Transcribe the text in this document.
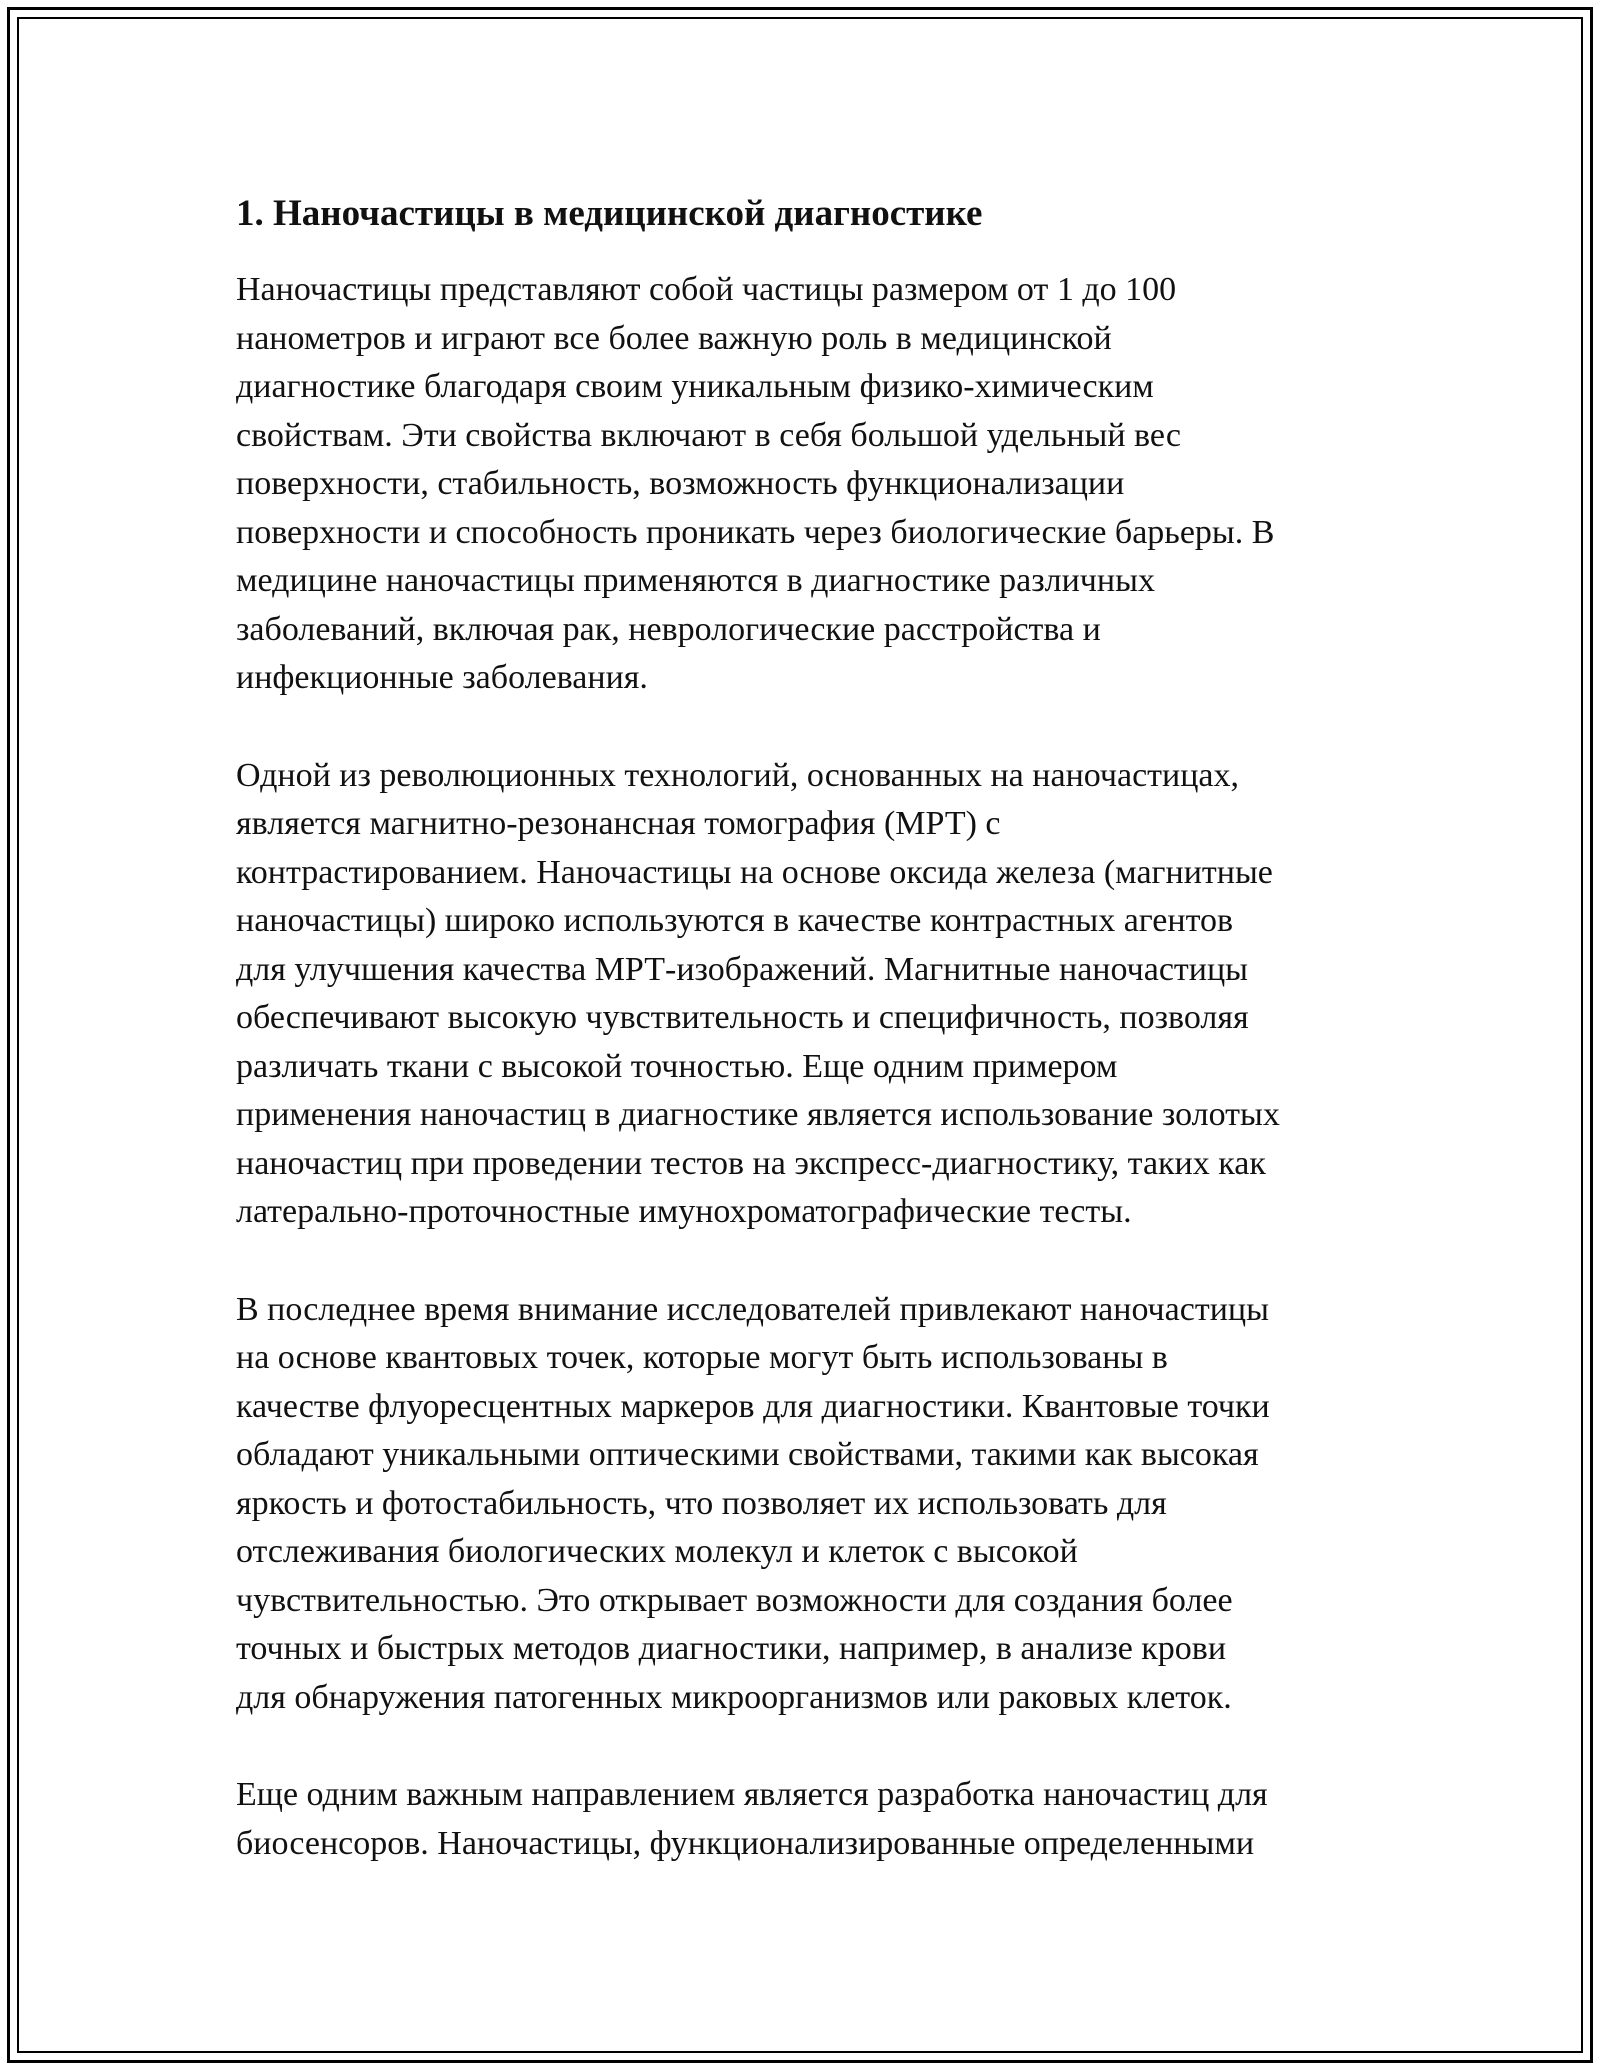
1. Наночастицы в медицинской диагностике

Наночастицы представляют собой частицы размером от 1 до 100
нанометров и играют все более важную роль в медицинской
диагностике благодаря своим уникальным физико-химическим
свойствам. Эти свойства включают в себя большой удельный вес
поверхности, стабильность, возможность функционализации
поверхности и способность проникать через биологические барьеры. В
медицине наночастицы применяются в диагностике различных
заболеваний, включая рак, неврологические расстройства и
инфекционные заболевания.

Одной из революционных технологий, основанных на наночастицах,
является магнитно-резонансная томография (МРТ) с
контрастированием. Наночастицы на основе оксида железа (магнитные
наночастицы) широко используются в качестве контрастных агентов
для улучшения качества МРТ-изображений. Магнитные наночастицы
обеспечивают высокую чувствительность и специфичность, позволяя
различать ткани с высокой точностью. Еще одним примером
применения наночастиц в диагностике является использование золотых
наночастиц при проведении тестов на экспресс-диагностику, таких как
латерально-проточностные имунохроматографические тесты.

В последнее время внимание исследователей привлекают наночастицы
на основе квантовых точек, которые могут быть использованы в
качестве флуоресцентных маркеров для диагностики. Квантовые точки
обладают уникальными оптическими свойствами, такими как высокая
яркость и фотостабильность, что позволяет их использовать для
отслеживания биологических молекул и клеток с высокой
чувствительностью. Это открывает возможности для создания более
точных и быстрых методов диагностики, например, в анализе крови
для обнаружения патогенных микроорганизмов или раковых клеток.

Еще одним важным направлением является разработка наночастиц для
биосенсоров. Наночастицы, функционализированные определенными
